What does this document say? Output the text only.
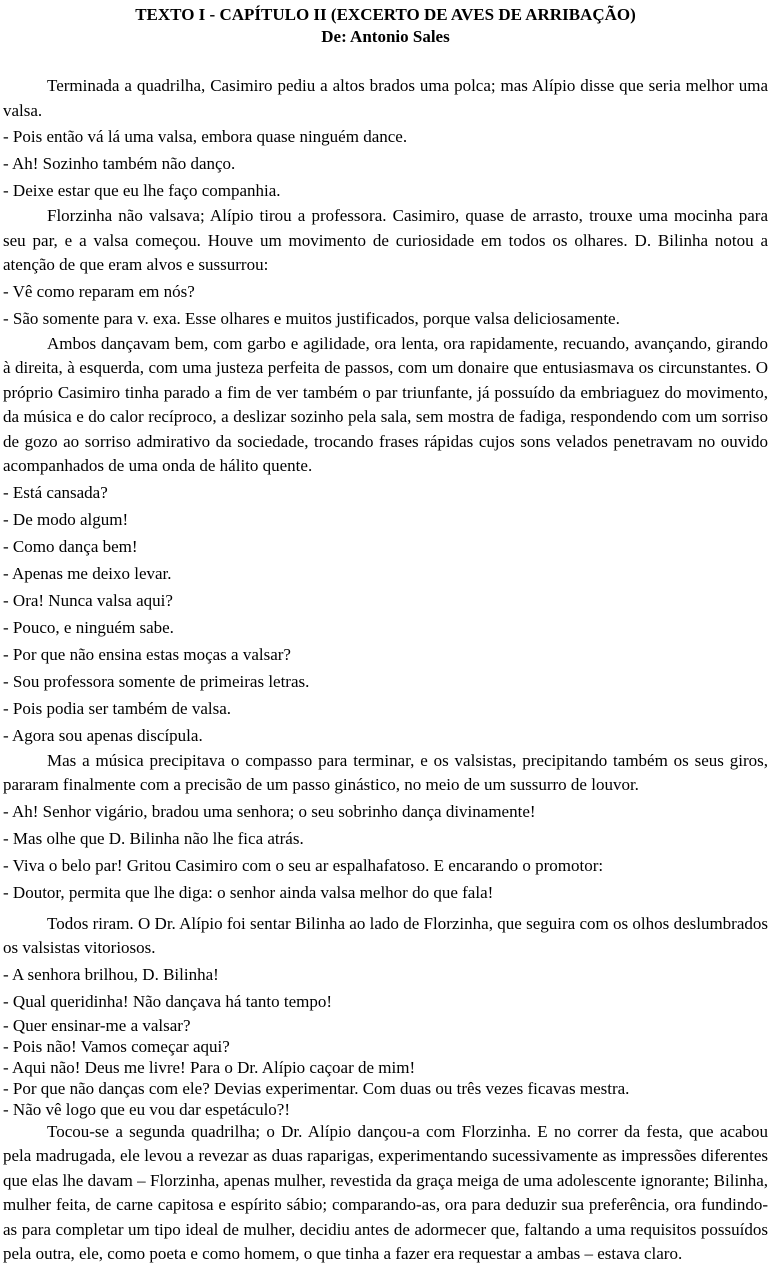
TEXTO I - CAPÍTULO II (EXCERTO DE AVES DE ARRIBAÇÃO)
De: Antonio Sales

Terminada a quadrilha, Casimiro pediu a altos brados uma polca; mas Alípio disse que seria melhor uma valsa.

- Pois então vá lá uma valsa, embora quase ninguém dance.

- Ah! Sozinho também não danço.

- Deixe estar que eu lhe faço companhia.

Florzinha não valsava; Alípio tirou a professora. Casimiro, quase de arrasto, trouxe uma mocinha para seu par, e a valsa começou. Houve um movimento de curiosidade em todos os olhares. D. Bilinha notou a atenção de que eram alvos e sussurrou:

- Vê como reparam em nós?

- São somente para v. exa. Esse olhares e muitos justificados, porque valsa deliciosamente.

Ambos dançavam bem, com garbo e agilidade, ora lenta, ora rapidamente, recuando, avançando, girando à direita, à esquerda, com uma justeza perfeita de passos, com um donaire que entusiasmava os circunstantes. O próprio Casimiro tinha parado a fim de ver também o par triunfante, já possuído da embriaguez do movimento, da música e do calor recíproco, a deslizar sozinho pela sala, sem mostra de fadiga, respondendo com um sorriso de gozo ao sorriso admirativo da sociedade, trocando frases rápidas cujos sons velados penetravam no ouvido acompanhados de uma onda de hálito quente.

- Está cansada?

- De modo algum!

- Como dança bem!

- Apenas me deixo levar.

- Ora! Nunca valsa aqui?

- Pouco, e ninguém sabe.

- Por que não ensina estas moças a valsar?

- Sou professora somente de primeiras letras.

- Pois podia ser também de valsa.

- Agora sou apenas discípula.

Mas a música precipitava o compasso para terminar, e os valsistas, precipitando também os seus giros, pararam finalmente com a precisão de um passo ginástico, no meio de um sussurro de louvor.

- Ah! Senhor vigário, bradou uma senhora; o seu sobrinho dança divinamente!

- Mas olhe que D. Bilinha não lhe fica atrás.

- Viva o belo par! Gritou Casimiro com o seu ar espalhafatoso. E encarando o promotor:

- Doutor, permita que lhe diga: o senhor ainda valsa melhor do que fala!

Todos riram. O Dr. Alípio foi sentar Bilinha ao lado de Florzinha, que seguira com os olhos deslumbrados os valsistas vitoriosos.

- A senhora brilhou, D. Bilinha!

- Qual queridinha! Não dançava há tanto tempo!

- Quer ensinar-me a valsar?

- Pois não! Vamos começar aqui?

- Aqui não! Deus me livre! Para o Dr. Alípio caçoar de mim!

- Por que não danças com ele? Devias experimentar. Com duas ou três vezes ficavas mestra.

- Não vê logo que eu vou dar espetáculo?!

Tocou-se a segunda quadrilha; o Dr. Alípio dançou-a com Florzinha. E no correr da festa, que acabou pela madrugada, ele levou a revezar as duas raparigas, experimentando sucessivamente as impressões diferentes que elas lhe davam – Florzinha, apenas mulher, revestida da graça meiga de uma adolescente ignorante; Bilinha, mulher feita, de carne capitosa e espírito sábio; comparando-as, ora para deduzir sua preferência, ora fundindo-as para completar um tipo ideal de mulher, decidiu antes de adormecer que, faltando a uma requisitos possuídos pela outra, ele, como poeta e como homem, o que tinha a fazer era requestar a ambas – estava claro.
